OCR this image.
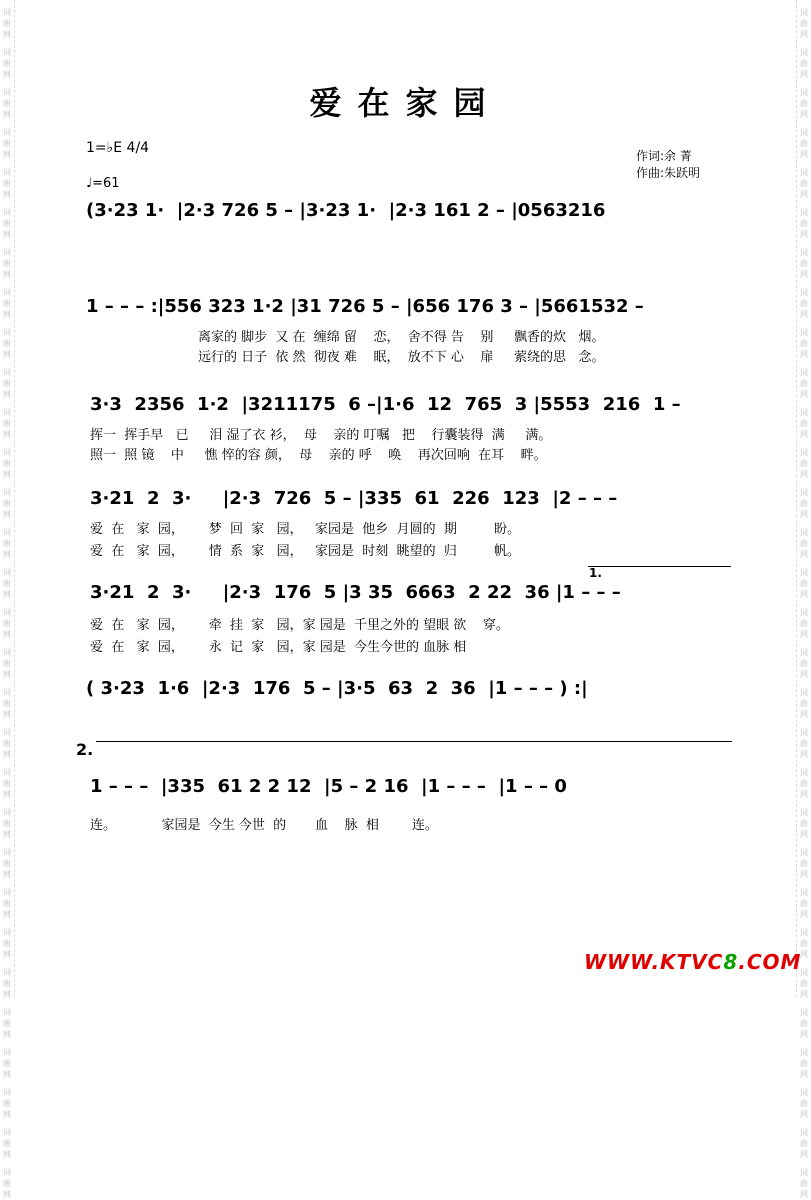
词
曲
网
词
曲
网
词
曲
网
词
曲
网
词
曲
网
词
曲
网
词
曲
网
词
曲
网
词
曲
网
词
曲
网
词
曲
网
词
曲
网
词
曲
网
词
曲
网
词
曲
网
词
曲
网
词
曲
网
词
曲
网
词
曲
网
词
曲
网
词
曲
网
词
曲
网
词
曲
网
词
曲
网
词
曲
网
词
曲
网
词
曲
网
词
曲
网
词
曲
网
词
曲
网
词
曲
网
词
曲
网
词
曲
网
词
曲
网
词
曲
网
词
曲
网
词
曲
网
词
曲
网
词
曲
网
词
曲
网
词
曲
网
词
曲
网
词
曲
网
词
曲
网
词
曲
网
词
曲
网
词
曲
网
词
曲
网
词
曲
网
词
曲
网
词
曲
网
词
曲
网
词
曲
网
词
曲
网
词
曲
网
词
曲
网
词
曲
网
词
曲
网
词
曲
网
词
曲
网
爱在家园
1=♭E 4/4
♩=61
作词:余 菁
作曲:朱跃明
(3·23 1·  |2·3 726 5 – |3·23 1·  |2·3 161 2 – |0563216
1 – – – :|556 323 1·2 |31 726 5 – |656 176 3 – |5661532 –
离家的 脚步  又 在  缠绵 留    恋，  舍不得 告    别     飘香的炊   烟。
远行的 日子  依 然  彻夜 难    眠，  放不下 心    扉     萦绕的思   念。
3·3  2356  1·2  |3211175  6 –|1·6  12  765  3 |5553  216  1 –
挥一  挥手早   已     泪 湿了衣 衫，  母    亲的 叮嘱   把    行囊装得  满     满。
照一  照 镜    中     憔 悴的容 颜，  母    亲的 呼    唤    再次回响  在耳    畔。
3·21  2  3·     |2·3  726  5 – |335  61  226  123  |2 – – –
爱  在   家  园，      梦  回  家   园，   家园是  他乡  月圆的  期         盼。
爱  在   家  园，      情  系  家   园，   家园是  时刻  眺望的  归         帆。
1.
3·21  2  3·     |2·3  176  5 |3 35  6663  2 22  36 |1 – – –
爱  在   家  园，      牵  挂  家   园，家 园是  千里之外的 望眼 欲    穿。
爱  在   家  园，      永  记  家   园，家 园是  今生今世的 血脉 相
( 3·23  1·6  |2·3  176  5 – |3·5  63  2  36  |1 – – – ) :|
2.
1 – – –  |335  61 2 2 12  |5 – 2 16  |1 – – –  |1 – – 0
连。           家园是  今生 今世  的       血    脉  相        连。
WWW.KTVC8.COM
